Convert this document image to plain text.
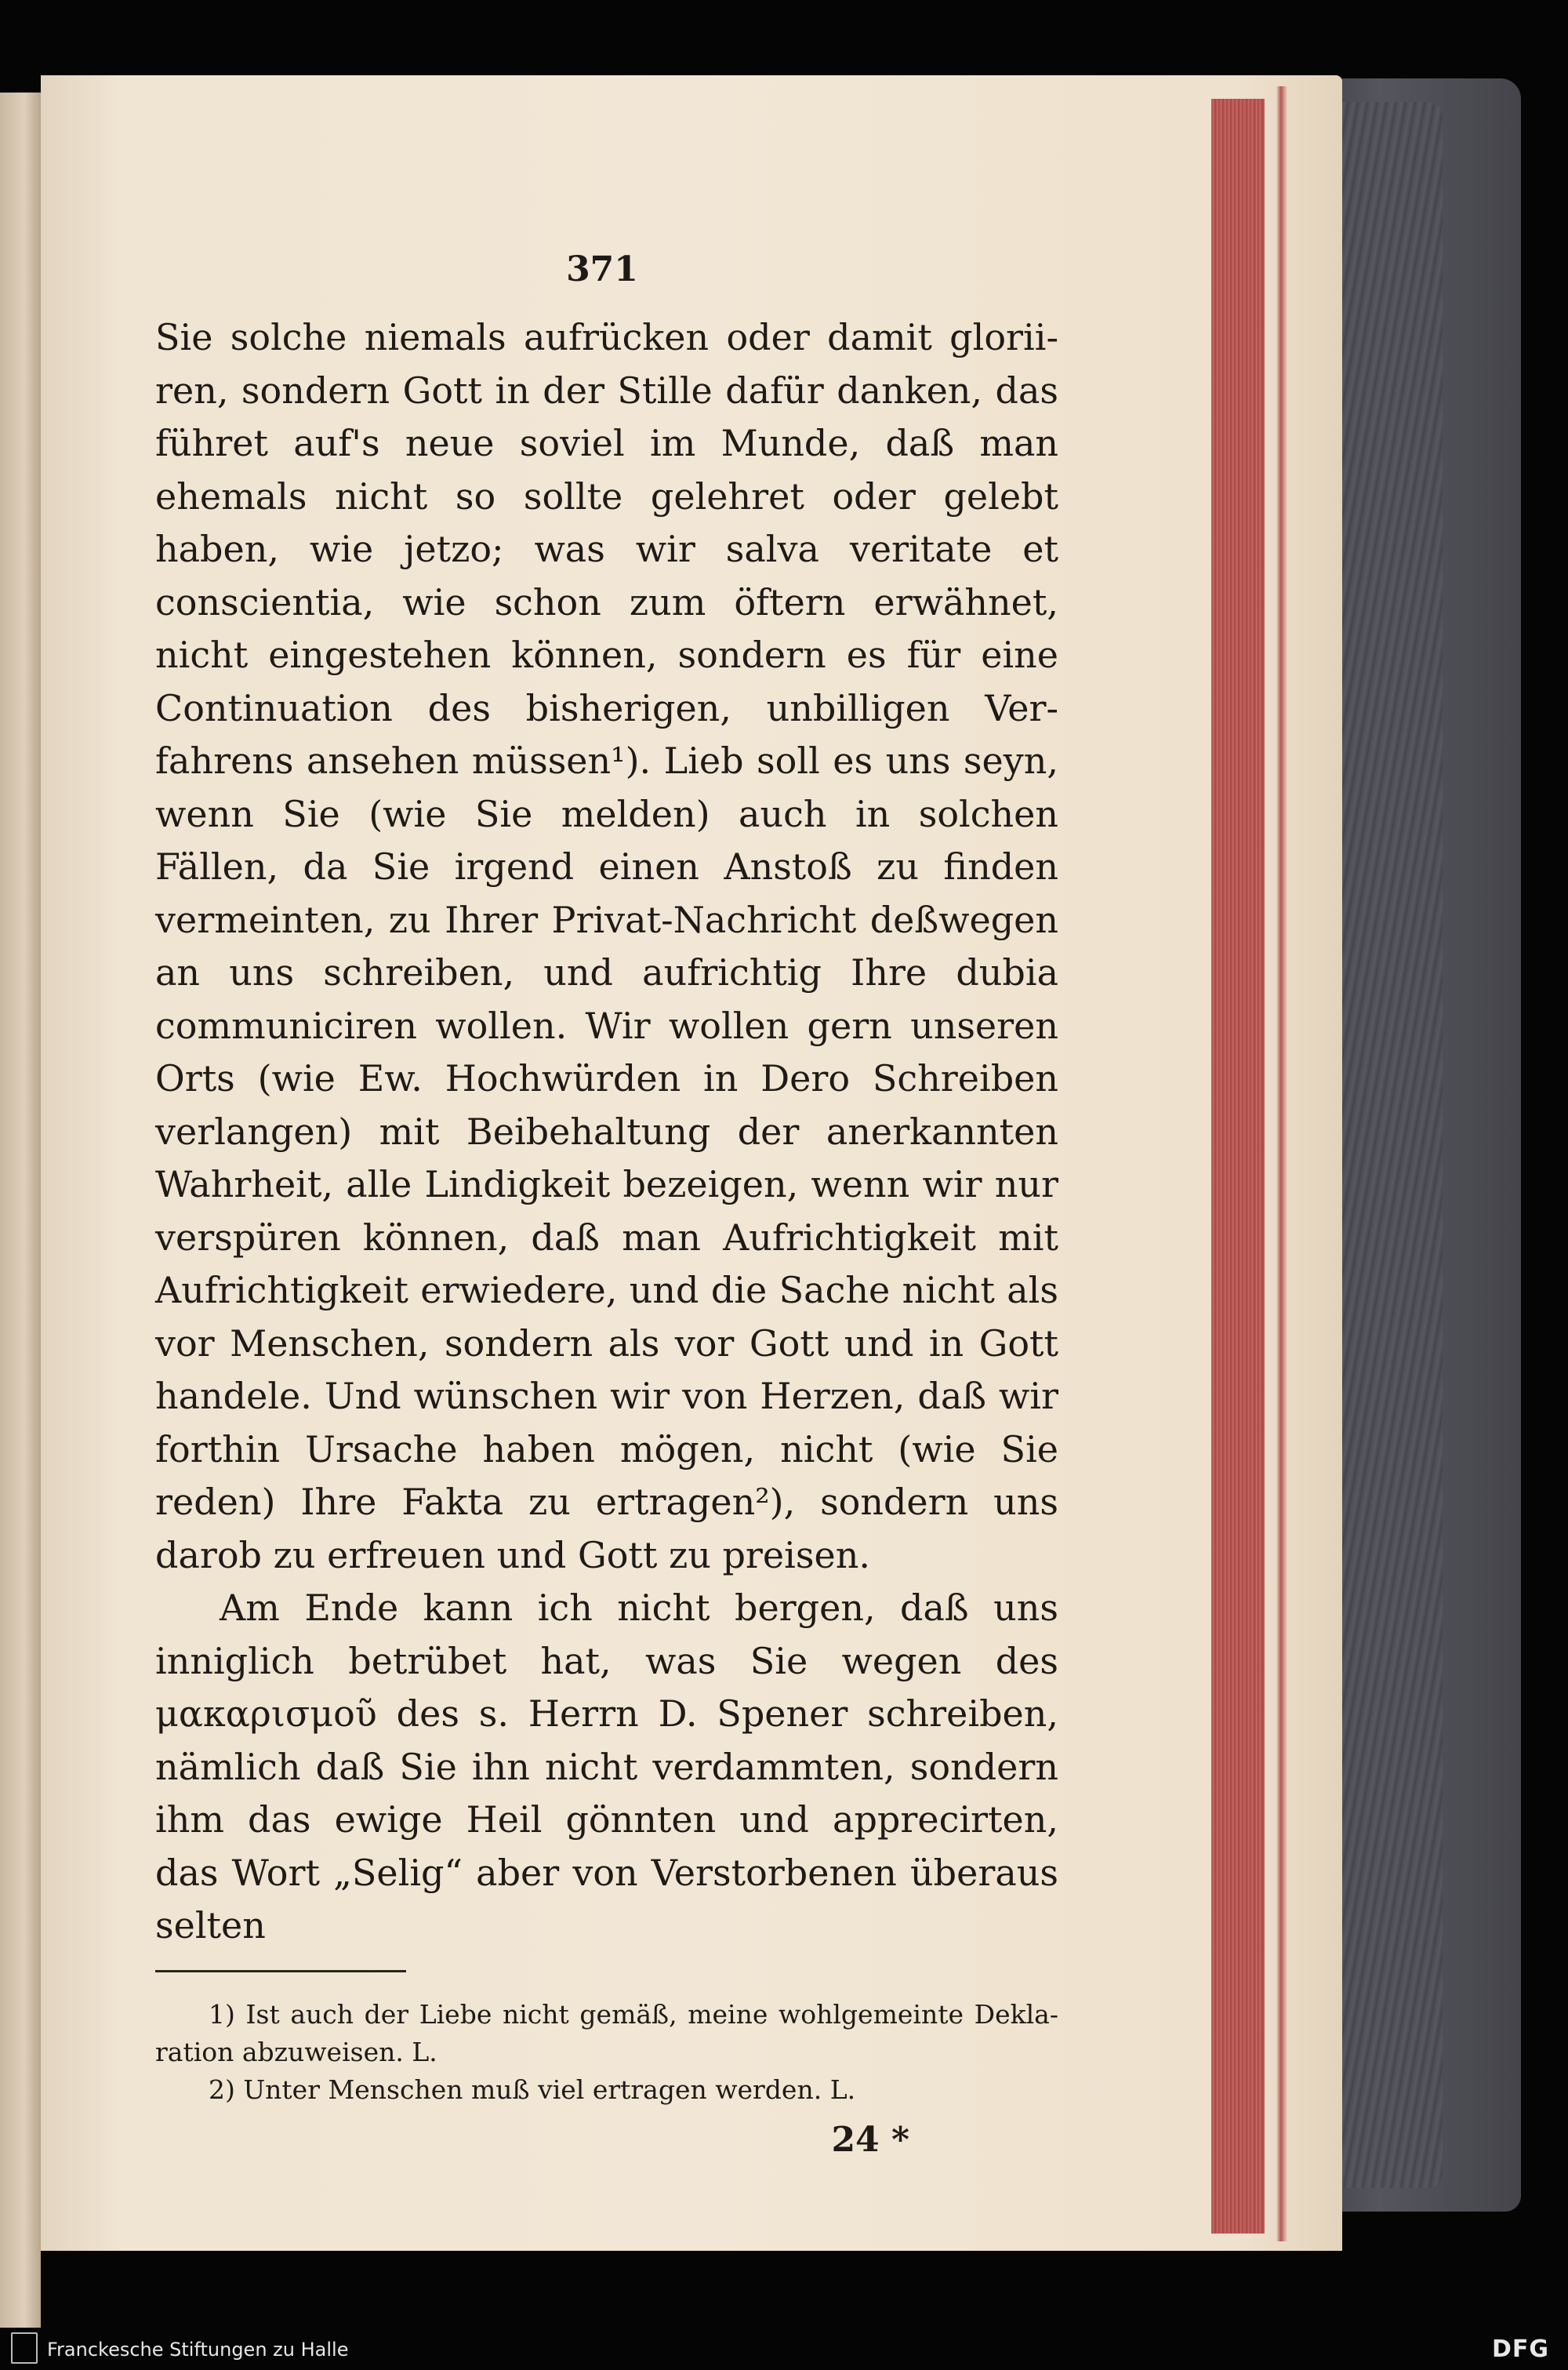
371

Sie solche niemals aufrücken oder damit gloriiren, sondern Gott in der Stille dafür danken, das führet auf's neue soviel im Munde, daß man ehemals nicht so sollte gelehret oder gelebt haben, wie jetzo; was wir salva veritate et conscientia, wie schon zum öftern erwähnet, nicht eingestehen können, sondern es für eine Continuation des bisherigen, unbilligen Verfahrens ansehen müssen¹). Lieb soll es uns seyn, wenn Sie (wie Sie melden) auch in solchen Fällen, da Sie irgend einen Anstoß zu finden vermeinten, zu Ihrer Privat-Nachricht deßwegen an uns schreiben, und aufrichtig Ihre dubia communiciren wollen. Wir wollen gern unseren Orts (wie Ew. Hochwürden in Dero Schreiben verlangen) mit Beibehaltung der anerkannten Wahrheit, alle Lindigkeit bezeigen, wenn wir nur verspüren können, daß man Aufrichtigkeit mit Aufrichtigkeit erwiedere, und die Sache nicht als vor Menschen, sondern als vor Gott und in Gott handele. Und wünschen wir von Herzen, daß wir forthin Ursache haben mögen, nicht (wie Sie reden) Ihre Fakta zu ertragen²), sondern uns darob zu erfreuen und Gott zu preisen.

Am Ende kann ich nicht bergen, daß uns inniglich betrübet hat, was Sie wegen des μακαρισμοῦ des s. Herrn D. Spener schreiben, nämlich daß Sie ihn nicht verdammten, sondern ihm das ewige Heil gönnten und apprecirten, das Wort „Selig“ aber von Verstorbenen überaus selten

1) Ist auch der Liebe nicht gemäß, meine wohlgemeinte Deklaration abzuweisen. L.
2) Unter Menschen muß viel ertragen werden. L.
24 *
Franckesche Stiftungen zu Halle	DFG
